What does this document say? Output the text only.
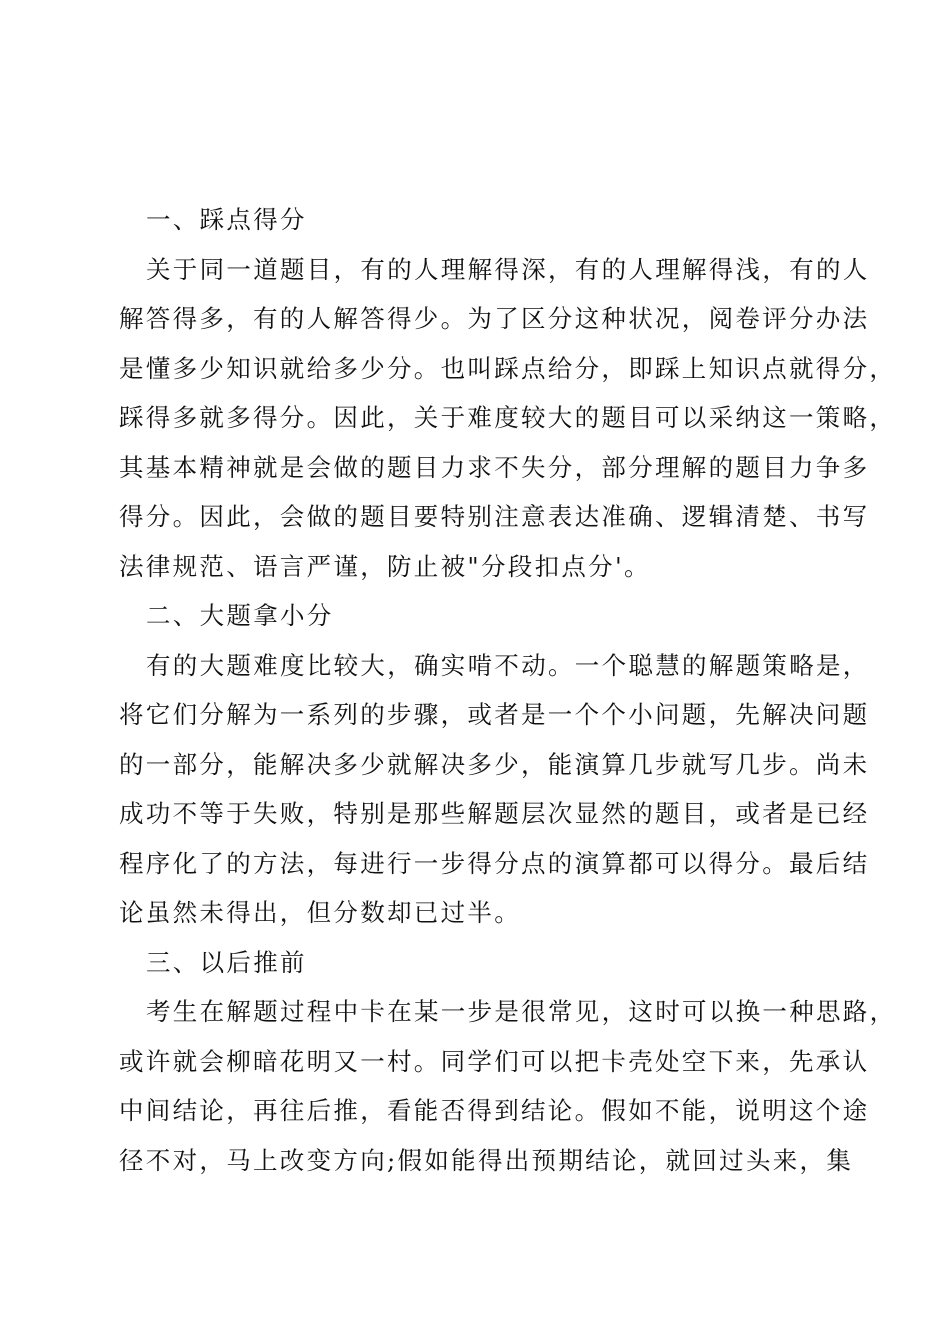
一、踩点得分
关于同一道题目，有的人理解得深，有的人理解得浅，有的人
解答得多，有的人解答得少。为了区分这种状况，阅卷评分办法
是懂多少知识就给多少分。也叫踩点给分，即踩上知识点就得分，
踩得多就多得分。因此，关于难度较大的题目可以采纳这一策略，
其基本精神就是会做的题目力求不失分，部分理解的题目力争多
得分。因此，会做的题目要特别注意表达准确、逻辑清楚、书写
法律规范、语言严谨，防止被"分段扣点分'。
二、大题拿小分
有的大题难度比较大，确实啃不动。一个聪慧的解题策略是，
将它们分解为一系列的步骤，或者是一个个小问题，先解决问题
的一部分，能解决多少就解决多少，能演算几步就写几步。尚未
成功不等于失败，特别是那些解题层次显然的题目，或者是已经
程序化了的方法，每进行一步得分点的演算都可以得分。最后结
论虽然未得出，但分数却已过半。
三、以后推前
考生在解题过程中卡在某一步是很常见，这时可以换一种思路，
或许就会柳暗花明又一村。同学们可以把卡壳处空下来，先承认
中间结论，再往后推，看能否得到结论。假如不能，说明这个途
径不对，马上改变方向;假如能得出预期结论，就回过头来，集
